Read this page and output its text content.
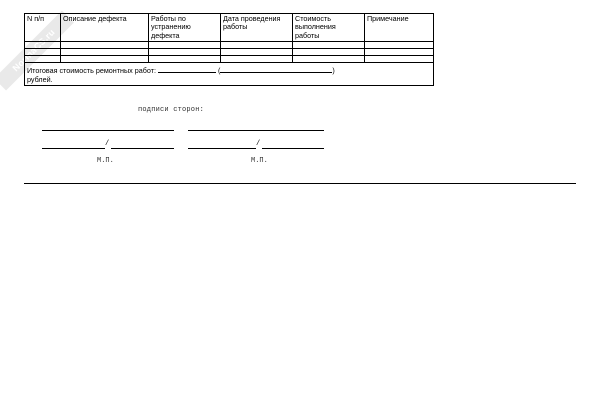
NormaCS.ru
N п/п	Описание дефекта	Работы по устранению дефекта	Дата проведения работы	Стоимость выполнения работы	Примечание

Итоговая стоимость ремонтных работ: ( )
рублей.					
подписи сторон:
/
М.П.
/
М.П.
